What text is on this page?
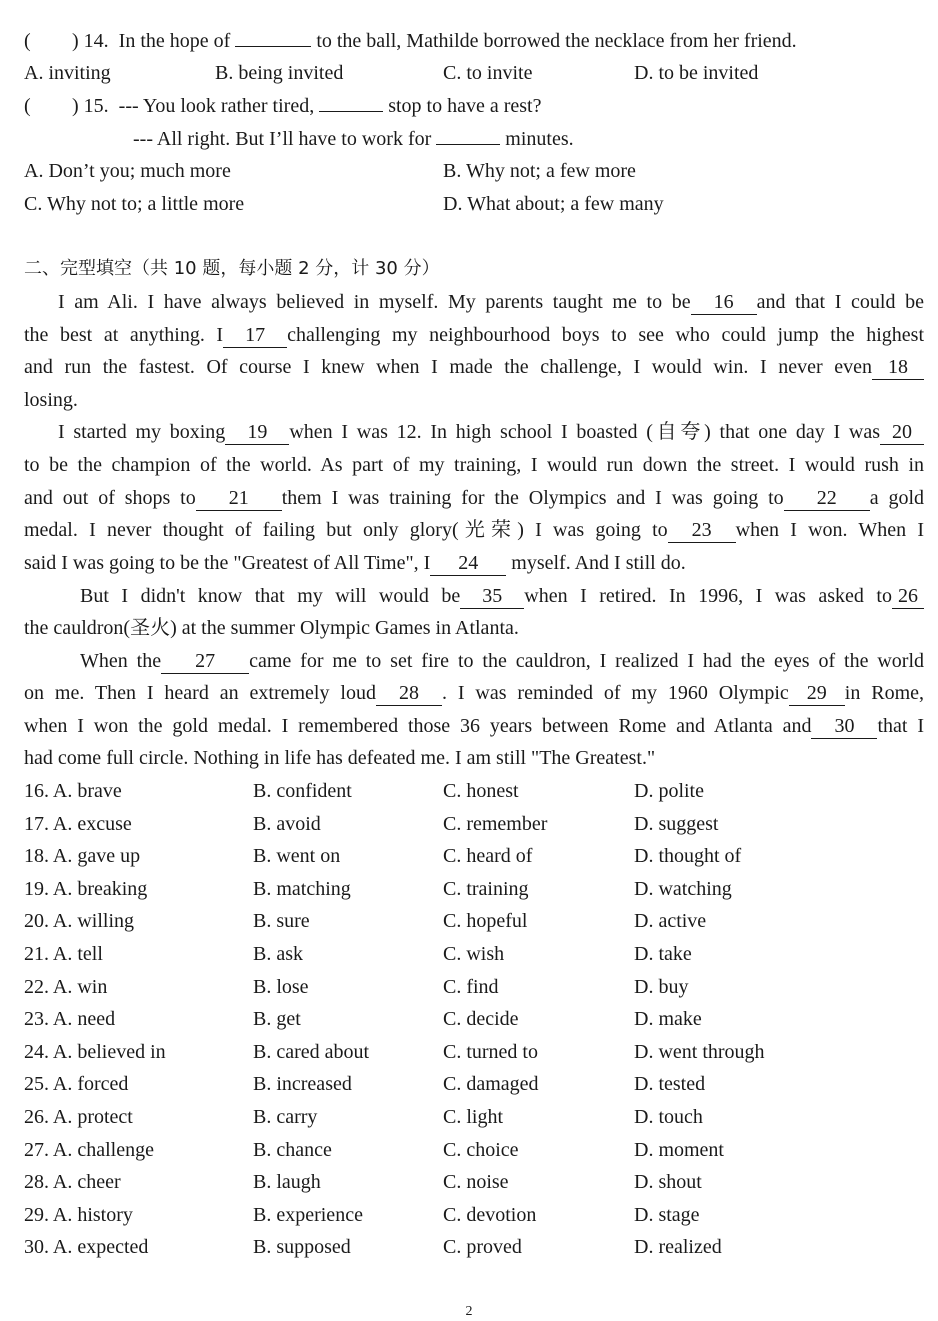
( ) 14. In the hope of	to the ball, Mathilde borrowed the necklace from her friend.
A. inviting	B. being invited	C. to invite	D. to be invited
( ) 15. --- You look rather tired,	stop to have a rest?
--- All right. But I’ll have to work for	minutes.
A. Don’t you; much more	B. Why not; a few more
C. Why not to; a little more	D. What about; a few many
二、完型填空（共 10 题，每小题 2 分，计 30 分）
I am Ali. I have always believed in myself. My parents taught me to be 16 and that I could be
the best at anything. I 17 challenging my neighbourhood boys to see who could jump the highest
and run the fastest. Of course I knew when I made the challenge, I would win. I never even 18
losing.
I started my boxing 19 when I was 12. In high school I boasted (自夸) that one day I was 20
to be the champion of the world. As part of my training, I would run down the street. I would rush in
and out of shops to 21 them I was training for the Olympics and I was going to 22 a gold
medal. I never thought of failing but only glory(光荣) I was going to 23 when I won. When I
said I was going to be the "Greatest of All Time", I 24 myself. And I still do.
But I didn't know that my will would be 35 when I retired. In 1996, I was asked to 26
the cauldron(圣火) at the summer Olympic Games in Atlanta.
When the 27 came for me to set fire to the cauldron, I realized I had the eyes of the world
on me. Then I heard an extremely loud 28 . I was reminded of my 1960 Olympic 29 in Rome,
when I won the gold medal. I remembered those 36 years between Rome and Atlanta and 30 that I
had come full circle. Nothing in life has defeated me. I am still "The Greatest."
16. A. brave	B. confident	C. honest	D. polite
17. A. excuse	B. avoid	C. remember	D. suggest
18. A. gave up	B. went on	C. heard of	D. thought of
19. A. breaking	B. matching	C. training	D. watching
20. A. willing	B. sure	C. hopeful	D. active
21. A. tell	B. ask	C. wish	D. take
22. A. win	B. lose	C. find	D. buy
23. A. need	B. get	C. decide	D. make
24. A. believed in	B. cared about	C. turned to	D. went through
25. A. forced	B. increased	C. damaged	D. tested
26. A. protect	B. carry	C. light	D. touch
27. A. challenge	B. chance	C. choice	D. moment
28. A. cheer	B. laugh	C. noise	D. shout
29. A. history	B. experience	C. devotion	D. stage
30. A. expected	B. supposed	C. proved	D. realized
2
